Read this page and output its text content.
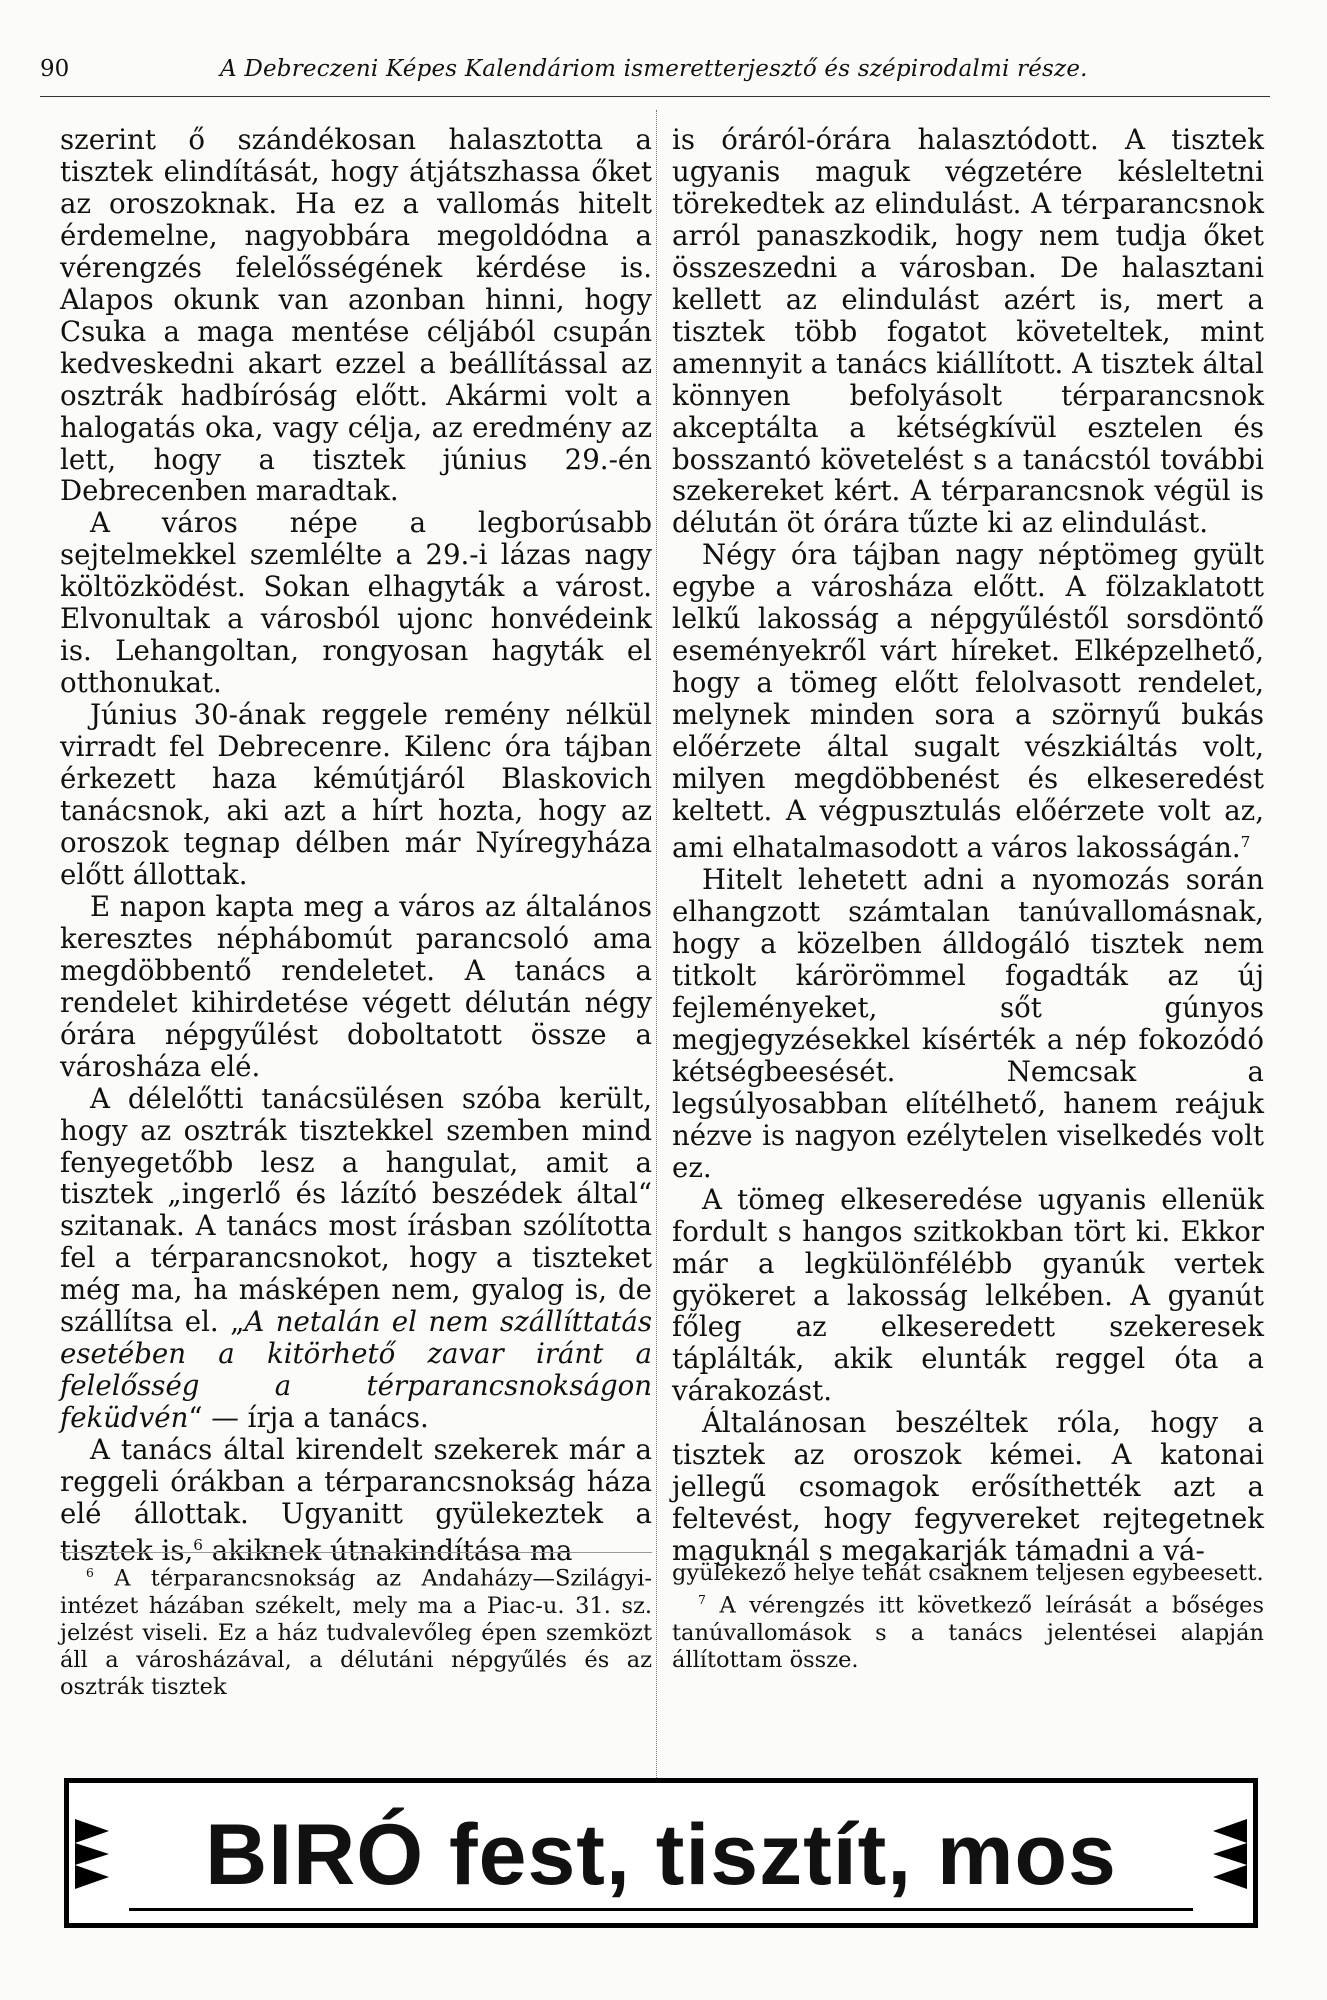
90	A Debreczeni Képes Kalendáriom ismeretterjesztő és szépirodalmi része.

szerint ő szándékosan halasztotta a tisztek elindítását, hogy átjátszhassa őket az oroszoknak. Ha ez a vallomás hitelt érdemelne, nagyobbára megoldódna a vérengzés felelősségének kérdése is. Alapos okunk van azonban hinni, hogy Csuka a maga mentése céljából csupán kedveskedni akart ezzel a beállítással az osztrák hadbíróság előtt. Akármi volt a halogatás oka, vagy célja, az eredmény az lett, hogy a tisztek június 29.-én Debrecenben maradtak.

A város népe a legborúsabb sejtelmekkel szemlélte a 29.-i lázas nagy költözködést. Sokan elhagyták a várost. Elvonultak a városból ujonc honvédeink is. Lehangoltan, rongyosan hagyták el otthonukat.

Június 30-ának reggele remény nélkül virradt fel Debrecenre. Kilenc óra tájban érkezett haza kémútjáról Blaskovich tanácsnok, aki azt a hírt hozta, hogy az oroszok tegnap délben már Nyíregyháza előtt állottak.

E napon kapta meg a város az általános keresztes néphábomút parancsoló ama megdöbbentő rendeletet. A tanács a rendelet kihirdetése végett délután négy órára népgyűlést doboltatott össze a városháza elé.

A délelőtti tanácsülésen szóba került, hogy az osztrák tisztekkel szemben mind fenyegetőbb lesz a hangulat, amit a tisztek „ingerlő és lázító beszédek által“ szitanak. A tanács most írásban szólította fel a térparancsnokot, hogy a tiszteket még ma, ha másképen nem, gyalog is, de szállítsa el. „A netalán el nem szállíttatás esetében a kitörhető zavar iránt a felelősség a térparancsnokságon feküdvén“ — írja a tanács.

A tanács által kirendelt szekerek már a reggeli órákban a térparancsnokság háza elé állottak. Ugyanitt gyülekeztek a tisztek is,$^6$ akiknek útnakindítása ma

is óráról-órára halasztódott. A tisztek ugyanis maguk végzetére késleltetni törekedtek az elindulást. A térparancsnok arról panaszkodik, hogy nem tudja őket összeszedni a városban. De halasztani kellett az elindulást azért is, mert a tisztek több fogatot követeltek, mint amennyit a tanács kiállított. A tisztek által könnyen befolyásolt térparancsnok akceptálta a kétségkívül esztelen és bosszantó követelést s a tanácstól további szekereket kért. A térparancsnok végül is délután öt órára tűzte ki az elindulást.

Négy óra tájban nagy néptömeg gyült egybe a városháza előtt. A fölzaklatott lelkű lakosság a népgyűléstől sorsdöntő eseményekről várt híreket. Elképzelhető, hogy a tömeg előtt felolvasott rendelet, melynek minden sora a szörnyű bukás előérzete által sugalt vészkiáltás volt, milyen megdöbbenést és elkeseredést keltett. A végpusztulás előérzete volt az, ami elhatalmasodott a város lakosságán.$^7$

Hitelt lehetett adni a nyomozás során elhangzott számtalan tanúvallomásnak, hogy a közelben álldogáló tisztek nem titkolt kárörömmel fogadták az új fejleményeket, sőt gúnyos megjegyzésekkel kísérték a nép fokozódó kétségbeesését. Nemcsak a legsúlyosabban elítélhető, hanem reájuk nézve is nagyon ezélytelen viselkedés volt ez.

A tömeg elkeseredése ugyanis ellenük fordult s hangos szitkokban tört ki. Ekkor már a legkülönfélébb gyanúk vertek gyökeret a lakosság lelkében. A gyanút főleg az elkeseredett szekeresek táplálták, akik elunták reggel óta a várakozást.

Általánosan beszéltek róla, hogy a tisztek az oroszok kémei. A katonai jellegű csomagok erősíthették azt a feltevést, hogy fegyvereket rejtegetnek maguknál s megakarják támadni a vá-

$^6$ A térparancsnokság az Andaházy—Szilágyi-intézet házában székelt, mely ma a Piac-u. 31. sz. jelzést viseli. Ez a ház tudvalevőleg épen szemközt áll a városházával, a délutáni népgyűlés és az osztrák tisztek

gyülekező helye tehát csaknem teljesen egybeesett.

$^7$ A vérengzés itt következő leírását a bőséges tanúvallomások s a tanács jelentései alapján állítottam össze.

BIRÓ fest, tisztít, mos
